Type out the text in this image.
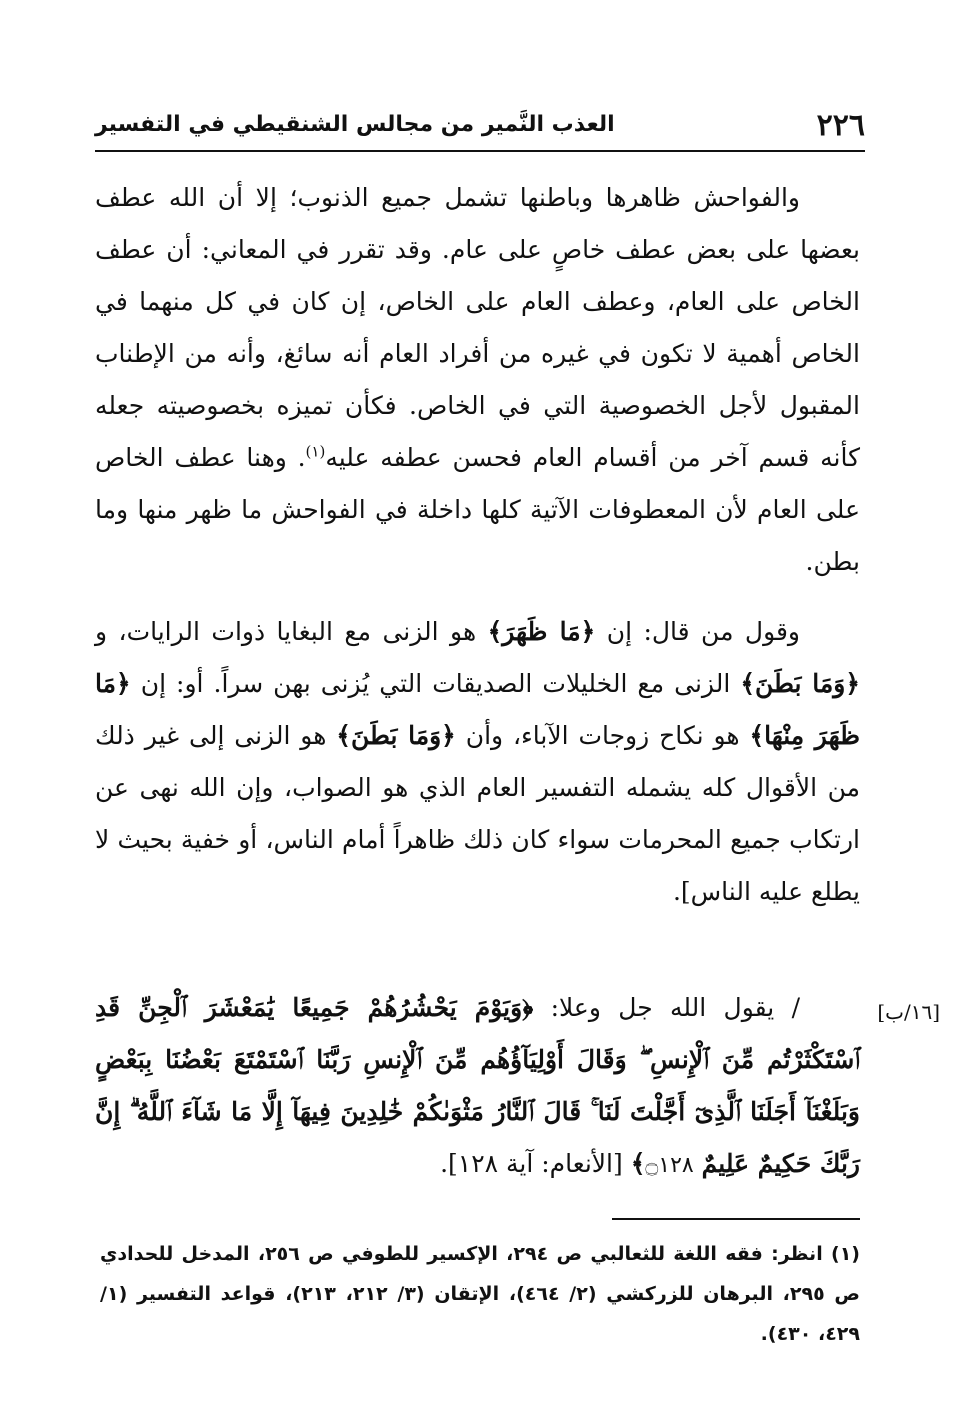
٢٢٦
العذب النَّمير من مجالس الشنقيطي في التفسير

والفواحش ظاهرها وباطنها تشمل جميع الذنوب؛ إلا أن الله عطف بعضها على بعض عطف خاصٍ على عام. وقد تقرر في المعاني: أن عطف الخاص على العام، وعطف العام على الخاص، إن كان في كل منهما في الخاص أهمية لا تكون في غيره من أفراد العام أنه سائغ، وأنه من الإطناب المقبول لأجل الخصوصية التي في الخاص. فكأن تميزه بخصوصيته جعله كأنه قسم آخر من أقسام العام فحسن عطفه عليه$^{(١)}$. وهنا عطف الخاص على العام لأن المعطوفات الآتية كلها داخلة في الفواحش ما ظهر منها وما بطن.

وقول من قال: إن ﴿مَا ظَهَرَ﴾ هو الزنى مع البغايا ذوات الرايات، و ﴿وَمَا بَطَنَ﴾ الزنى مع الخليلات الصديقات التي يُزنى بهن سراً. أو: إن ﴿مَا ظَهَرَ مِنْهَا﴾ هو نكاح زوجات الآباء، وأن ﴿وَمَا بَطَنَ﴾ هو الزنى إلى غير ذلك من الأقوال كله يشمله التفسير العام الذي هو الصواب، وإن الله نهى عن ارتكاب جميع المحرمات سواء كان ذلك ظاهراً أمام الناس، أو خفية بحيث لا يطلع عليه الناس].

[١٦/ب]

/ يقول الله جل وعلا: ﴿وَيَوْمَ يَحْشُرُهُمْ جَمِيعًا يَٰمَعْشَرَ ٱلْجِنِّ قَدِ ٱسْتَكْثَرْتُم مِّنَ ٱلْإِنسِ ۖ وَقَالَ أَوْلِيَآؤُهُم مِّنَ ٱلْإِنسِ رَبَّنَا ٱسْتَمْتَعَ بَعْضُنَا بِبَعْضٍ وَبَلَغْنَآ أَجَلَنَا ٱلَّذِىٓ أَجَّلْتَ لَنَا ۚ قَالَ ٱلنَّارُ مَثْوَىٰكُمْ خَٰلِدِينَ فِيهَآ إِلَّا مَا شَآءَ ٱللَّهُ ۗ إِنَّ رَبَّكَ حَكِيمٌ عَلِيمٌ ۝١٢٨﴾ [الأنعام: آية ١٢٨].

(١) انظر: فقه اللغة للثعالبي ص ٢٩٤، الإكسير للطوفي ص ٢٥٦، المدخل للحدادي ص ٢٩٥، البرهان للزركشي (٢/ ٤٦٤)، الإتقان (٣/ ٢١٢، ٢١٣)، قواعد التفسير (١/ ٤٢٩، ٤٣٠).
